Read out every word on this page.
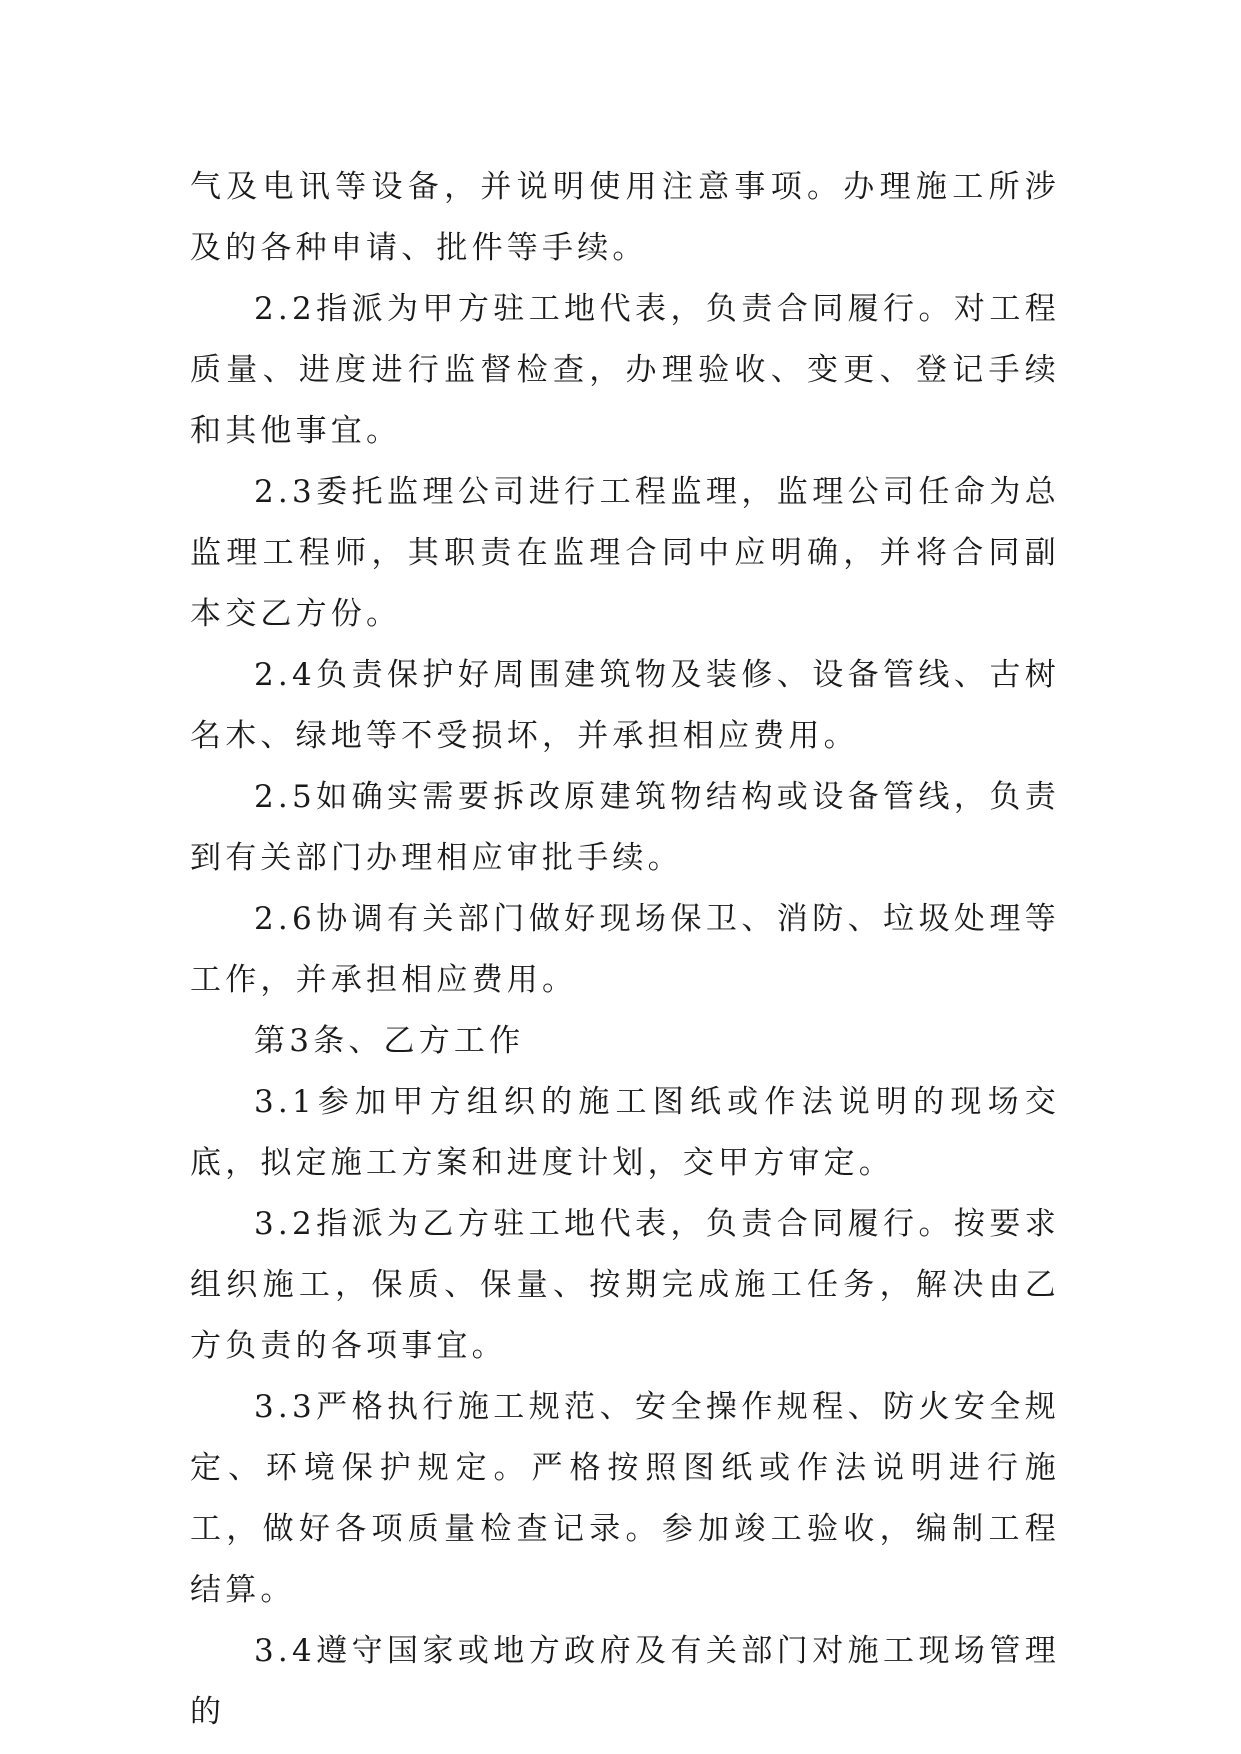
气及电讯等设备，并说明使用注意事项。办理施工所涉及的各种申请、批件等手续。

2.2指派为甲方驻工地代表，负责合同履行。对工程质量、进度进行监督检查，办理验收、变更、登记手续和其他事宜。

2.3委托监理公司进行工程监理，监理公司任命为总监理工程师，其职责在监理合同中应明确，并将合同副本交乙方份。

2.4负责保护好周围建筑物及装修、设备管线、古树名木、绿地等不受损坏，并承担相应费用。

2.5如确实需要拆改原建筑物结构或设备管线，负责到有关部门办理相应审批手续。

2.6协调有关部门做好现场保卫、消防、垃圾处理等工作，并承担相应费用。

第3条、乙方工作

3.1参加甲方组织的施工图纸或作法说明的现场交底，拟定施工方案和进度计划，交甲方审定。

3.2指派为乙方驻工地代表，负责合同履行。按要求组织施工，保质、保量、按期完成施工任务，解决由乙方负责的各项事宜。

3.3严格执行施工规范、安全操作规程、防火安全规定、环境保护规定。严格按照图纸或作法说明进行施工，做好各项质量检查记录。参加竣工验收，编制工程结算。

3.4遵守国家或地方政府及有关部门对施工现场管理的
